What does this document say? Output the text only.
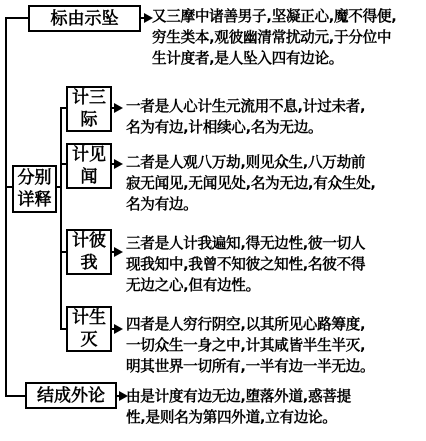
标由示坠
分别
详释
计三
际
计见
闻
计彼
我
计生
灭
结成外论
又三摩中诸善男子,坚凝正心,魔不得便,
穷生类本,观彼幽清常扰动元,于分位中
生计度者,是人坠入四有边论。
一者是人心计生元流用不息,计过未者,
名为有边,计相续心,名为无边。
二者是人观八万劫,则见众生,八万劫前
寂无闻见,无闻见处,名为无边,有众生处,
名为有边。
三者是人计我遍知,得无边性,彼一切人
现我知中,我曾不知彼之知性,名彼不得
无边之心,但有边性。
四者是人穷行阴空,以其所见心路筹度,
一切众生一身之中,计其咸皆半生半灭,
明其世界一切所有,一半有边一半无边。
由是计度有边无边,堕落外道,惑菩提
性,是则名为第四外道,立有边论。
